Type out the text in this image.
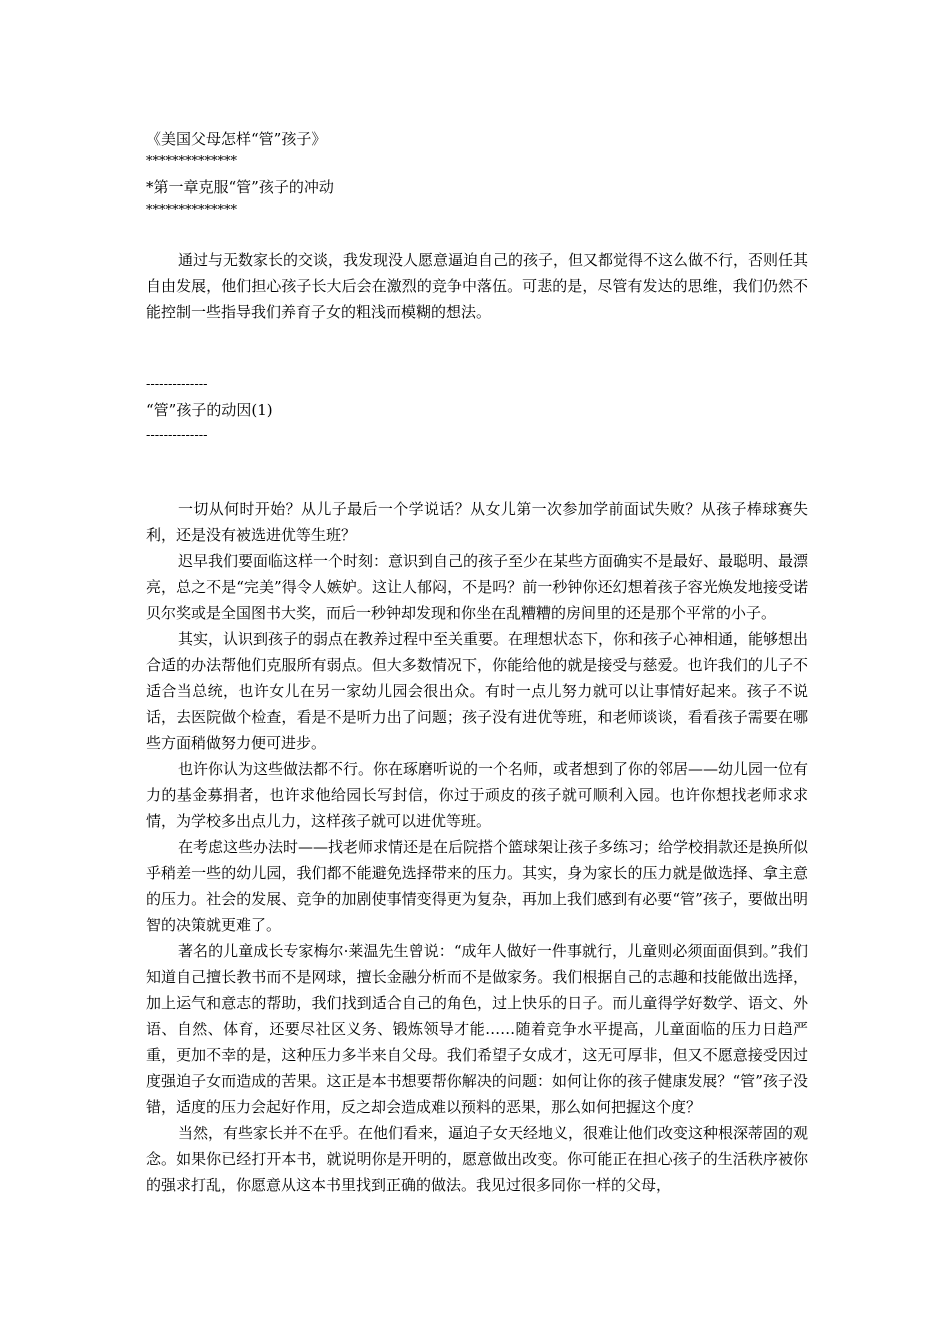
《美国父母怎样“管”孩子》
**************
*第一章克服“管”孩子的冲动
**************

通过与无数家长的交谈，我发现没人愿意逼迫自己的孩子，但又都觉得不这么做不行，否则任其自由发展，他们担心孩子长大后会在激烈的竞争中落伍。可悲的是，尽管有发达的思维，我们仍然不能控制一些指导我们养育子女的粗浅而模糊的想法。

--------------
“管”孩子的动因(1)
--------------

一切从何时开始？从儿子最后一个学说话？从女儿第一次参加学前面试失败？从孩子棒球赛失利，还是没有被选进优等生班？

迟早我们要面临这样一个时刻：意识到自己的孩子至少在某些方面确实不是最好、最聪明、最漂亮，总之不是“完美”得令人嫉妒。这让人郁闷，不是吗？前一秒钟你还幻想着孩子容光焕发地接受诺贝尔奖或是全国图书大奖，而后一秒钟却发现和你坐在乱糟糟的房间里的还是那个平常的小子。

其实，认识到孩子的弱点在教养过程中至关重要。在理想状态下，你和孩子心神相通，能够想出合适的办法帮他们克服所有弱点。但大多数情况下，你能给他的就是接受与慈爱。也许我们的儿子不适合当总统，也许女儿在另一家幼儿园会很出众。有时一点儿努力就可以让事情好起来。孩子不说话，去医院做个检查，看是不是听力出了问题；孩子没有进优等班，和老师谈谈，看看孩子需要在哪些方面稍做努力便可进步。

也许你认为这些做法都不行。你在琢磨听说的一个名师，或者想到了你的邻居——幼儿园一位有力的基金募捐者，也许求他给园长写封信，你过于顽皮的孩子就可顺利入园。也许你想找老师求求情，为学校多出点儿力，这样孩子就可以进优等班。

在考虑这些办法时——找老师求情还是在后院搭个篮球架让孩子多练习；给学校捐款还是换所似乎稍差一些的幼儿园，我们都不能避免选择带来的压力。其实，身为家长的压力就是做选择、拿主意的压力。社会的发展、竞争的加剧使事情变得更为复杂，再加上我们感到有必要“管”孩子，要做出明智的决策就更难了。

著名的儿童成长专家梅尔·莱温先生曾说：“成年人做好一件事就行，儿童则必须面面俱到。”我们知道自己擅长教书而不是网球，擅长金融分析而不是做家务。我们根据自己的志趣和技能做出选择，加上运气和意志的帮助，我们找到适合自己的角色，过上快乐的日子。而儿童得学好数学、语文、外语、自然、体育，还要尽社区义务、锻炼领导才能……随着竞争水平提高，儿童面临的压力日趋严重，更加不幸的是，这种压力多半来自父母。我们希望子女成才，这无可厚非，但又不愿意接受因过度强迫子女而造成的苦果。这正是本书想要帮你解决的问题：如何让你的孩子健康发展？“管”孩子没错，适度的压力会起好作用，反之却会造成难以预料的恶果，那么如何把握这个度？

当然，有些家长并不在乎。在他们看来，逼迫子女天经地义，很难让他们改变这种根深蒂固的观念。如果你已经打开本书，就说明你是开明的，愿意做出改变。你可能正在担心孩子的生活秩序被你的强求打乱，你愿意从这本书里找到正确的做法。我见过很多同你一样的父母，
